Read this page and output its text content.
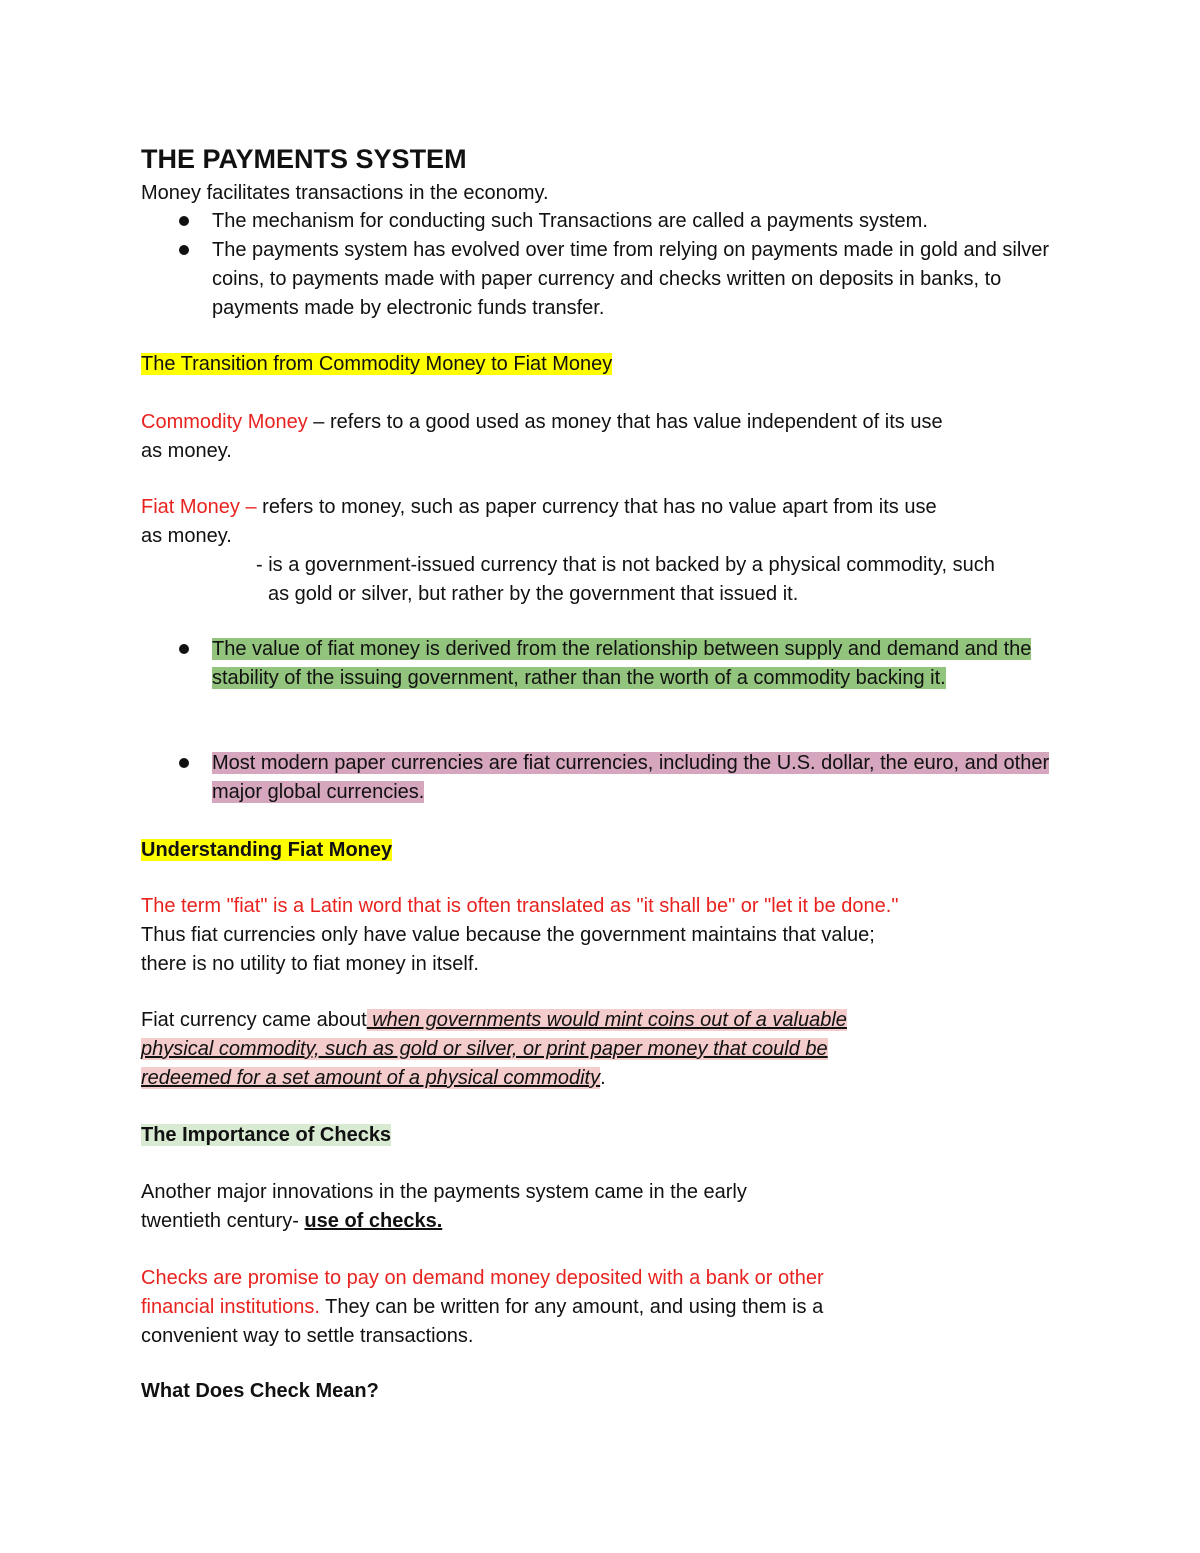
THE PAYMENTS SYSTEM

Money facilitates transactions in the economy.

The mechanism for conducting such Transactions are called a payments system.
The payments system has evolved over time from relying on payments made in gold and silver coins, to payments made with paper currency and checks written on deposits in banks, to payments made by electronic funds transfer.

The Transition from Commodity Money to Fiat Money

Commodity Money – refers to a good used as money that has value independent of its use
as money.

Fiat Money – refers to money, such as paper currency that has no value apart from its use
as money.
- is a government-issued currency that is not backed by a physical commodity, such
as gold or silver, but rather by the government that issued it.

The value of fiat money is derived from the relationship between supply and demand and the stability of the issuing government, rather than the worth of a commodity backing it.
Most modern paper currencies are fiat currencies, including the U.S. dollar, the euro, and other major global currencies.

Understanding Fiat Money

The term "fiat" is a Latin word that is often translated as "it shall be" or "let it be done."
Thus fiat currencies only have value because the government maintains that value;
there is no utility to fiat money in itself.

Fiat currency came about when governments would mint coins out of a valuable
physical commodity, such as gold or silver, or print paper money that could be
redeemed for a set amount of a physical commodity.

The Importance of Checks

Another major innovations in the payments system came in the early
twentieth century- use of checks.

Checks are promise to pay on demand money deposited with a bank or other
financial institutions. They can be written for any amount, and using them is a
convenient way to settle transactions.

What Does Check Mean?
